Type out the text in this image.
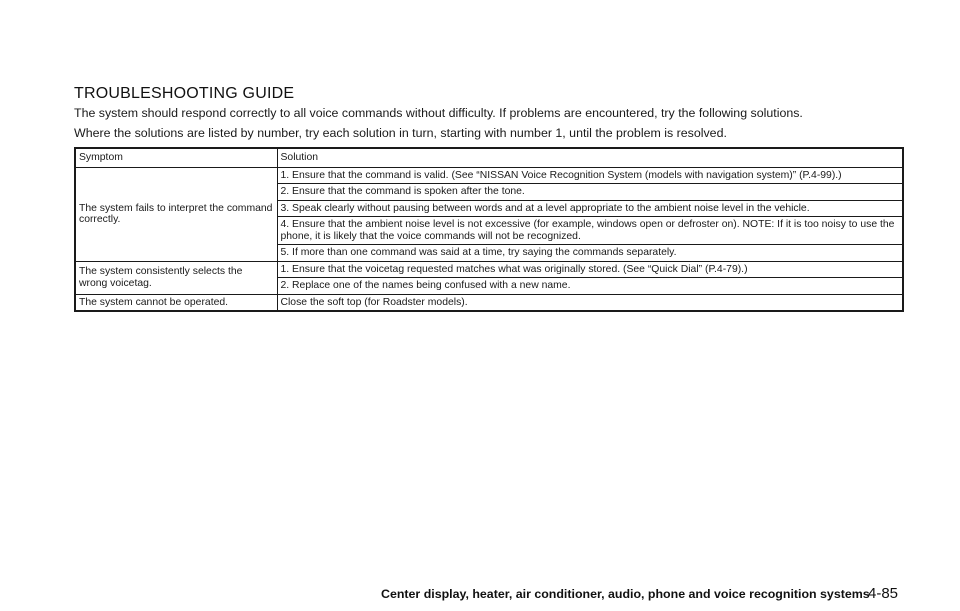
TROUBLESHOOTING GUIDE
The system should respond correctly to all voice commands without difficulty. If problems are encountered, try the following solutions.
Where the solutions are listed by number, try each solution in turn, starting with number 1, until the problem is resolved.
Symptom	Solution
The system fails to interpret the command correctly.	1. Ensure that the command is valid. (See “NISSAN Voice Recognition System (models with navigation system)” (P.4-99).)
	2. Ensure that the command is spoken after the tone.
	3. Speak clearly without pausing between words and at a level appropriate to the ambient noise level in the vehicle.
	4. Ensure that the ambient noise level is not excessive (for example, windows open or defroster on). NOTE: If it is too noisy to use the phone, it is likely that the voice commands will not be recognized.
	5. If more than one command was said at a time, try saying the commands separately.
The system consistently selects the wrong voicetag.	1. Ensure that the voicetag requested matches what was originally stored. (See “Quick Dial” (P.4-79).)
	2. Replace one of the names being confused with a new name.
The system cannot be operated.	Close the soft top (for Roadster models).
Center display, heater, air conditioner, audio, phone and voice recognition systems
4-85
